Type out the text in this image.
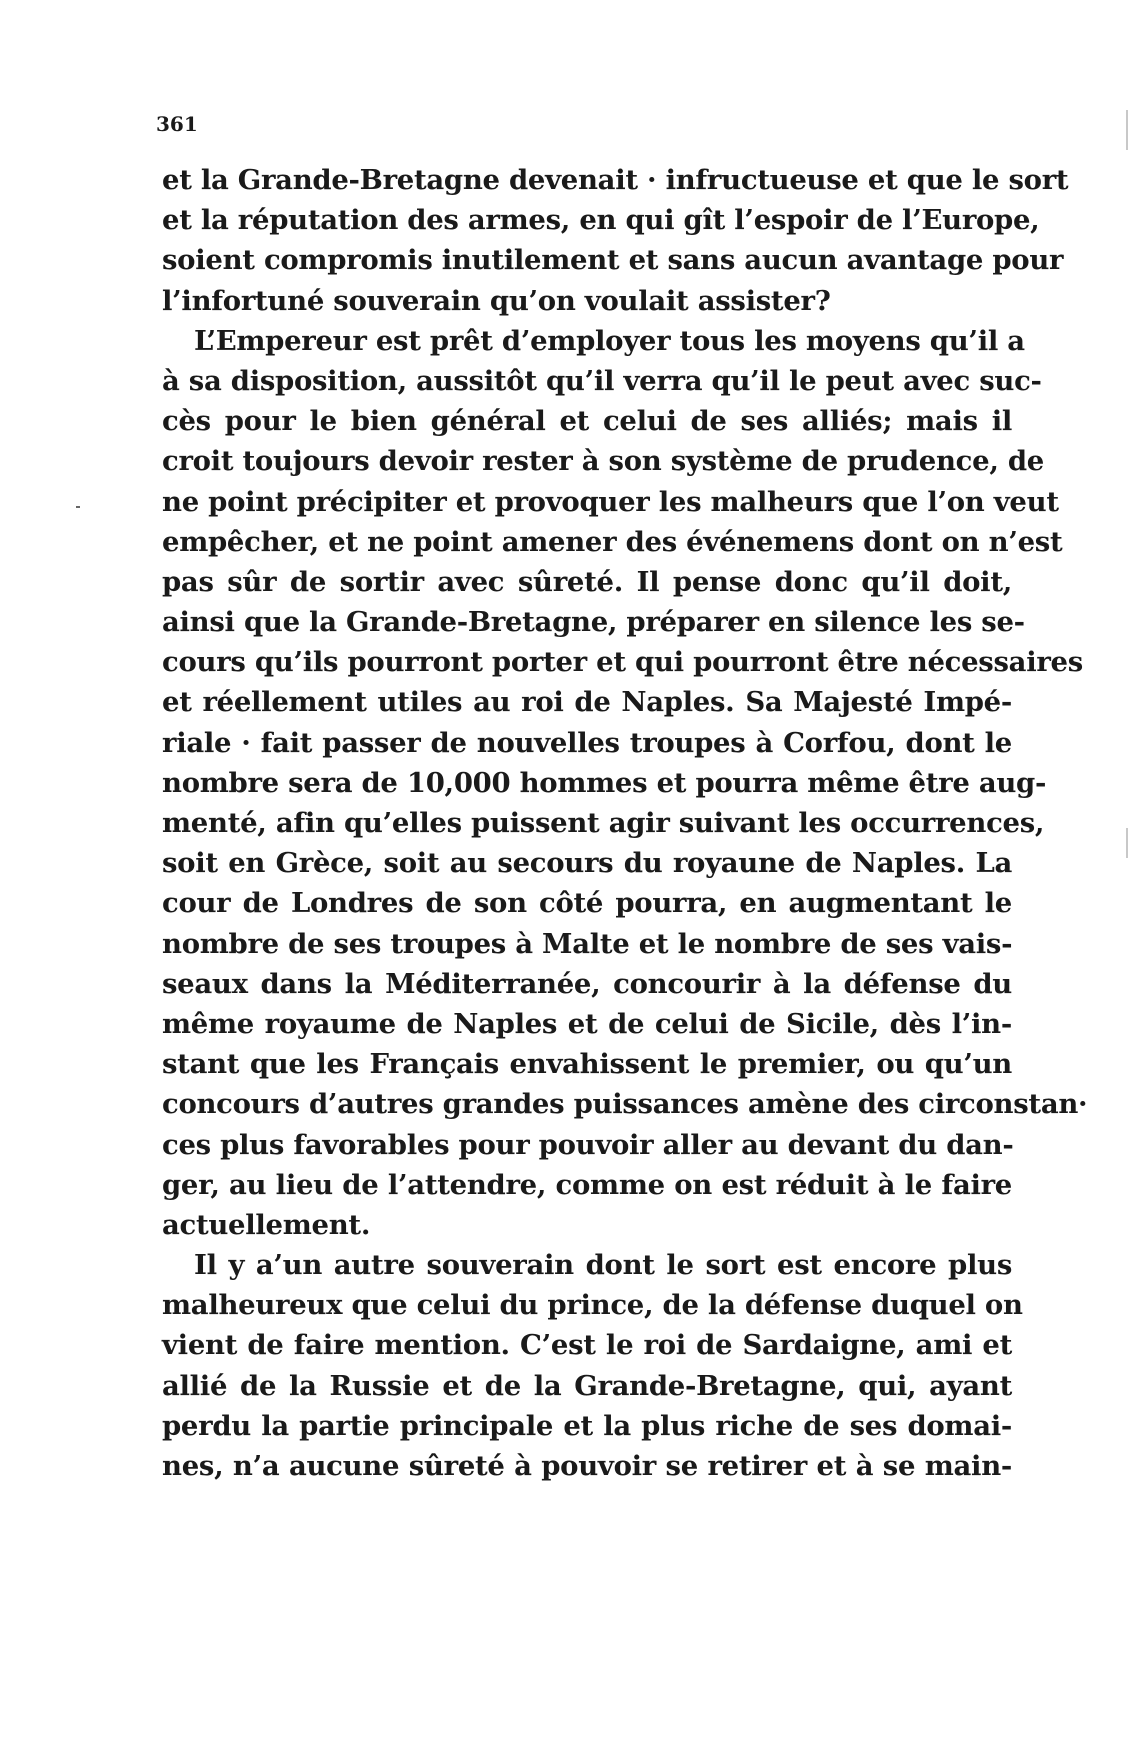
361
et la Grande-Bretagne devenait · infructueuse et que le sort
et la réputation des armes, en qui gît l’espoir de l’Europe,
soient compromis inutilement et sans aucun avantage pour
l’infortuné souverain qu’on voulait assister?
L’Empereur est prêt d’employer tous les moyens qu’il a
à sa disposition, aussitôt qu’il verra qu’il le peut avec suc-
cès pour le bien général et celui de ses alliés; mais il
croit toujours devoir rester à son système de prudence, de
ne point précipiter et provoquer les malheurs que l’on veut
empêcher, et ne point amener des événemens dont on n’est
pas sûr de sortir avec sûreté. Il pense donc qu’il doit,
ainsi que la Grande-Bretagne, préparer en silence les se-
cours qu’ils pourront porter et qui pourront être nécessaires
et réellement utiles au roi de Naples. Sa Majesté Impé-
riale · fait passer de nouvelles troupes à Corfou, dont le
nombre sera de 10,000 hommes et pourra même être aug-
menté, afin qu’elles puissent agir suivant les occurrences,
soit en Grèce, soit au secours du royaune de Naples. La
cour de Londres de son côté pourra, en augmentant le
nombre de ses troupes à Malte et le nombre de ses vais-
seaux dans la Méditerranée, concourir à la défense du
même royaume de Naples et de celui de Sicile, dès l’in-
stant que les Français envahissent le premier, ou qu’un
concours d’autres grandes puissances amène des circonstan·
ces plus favorables pour pouvoir aller au devant du dan-
ger, au lieu de l’attendre, comme on est réduit à le faire
actuellement.
Il y a’un autre souverain dont le sort est encore plus
malheureux que celui du prince, de la défense duquel on
vient de faire mention. C’est le roi de Sardaigne, ami et
allié de la Russie et de la Grande-Bretagne, qui, ayant
perdu la partie principale et la plus riche de ses domai-
nes, n’a aucune sûreté à pouvoir se retirer et à se main-
